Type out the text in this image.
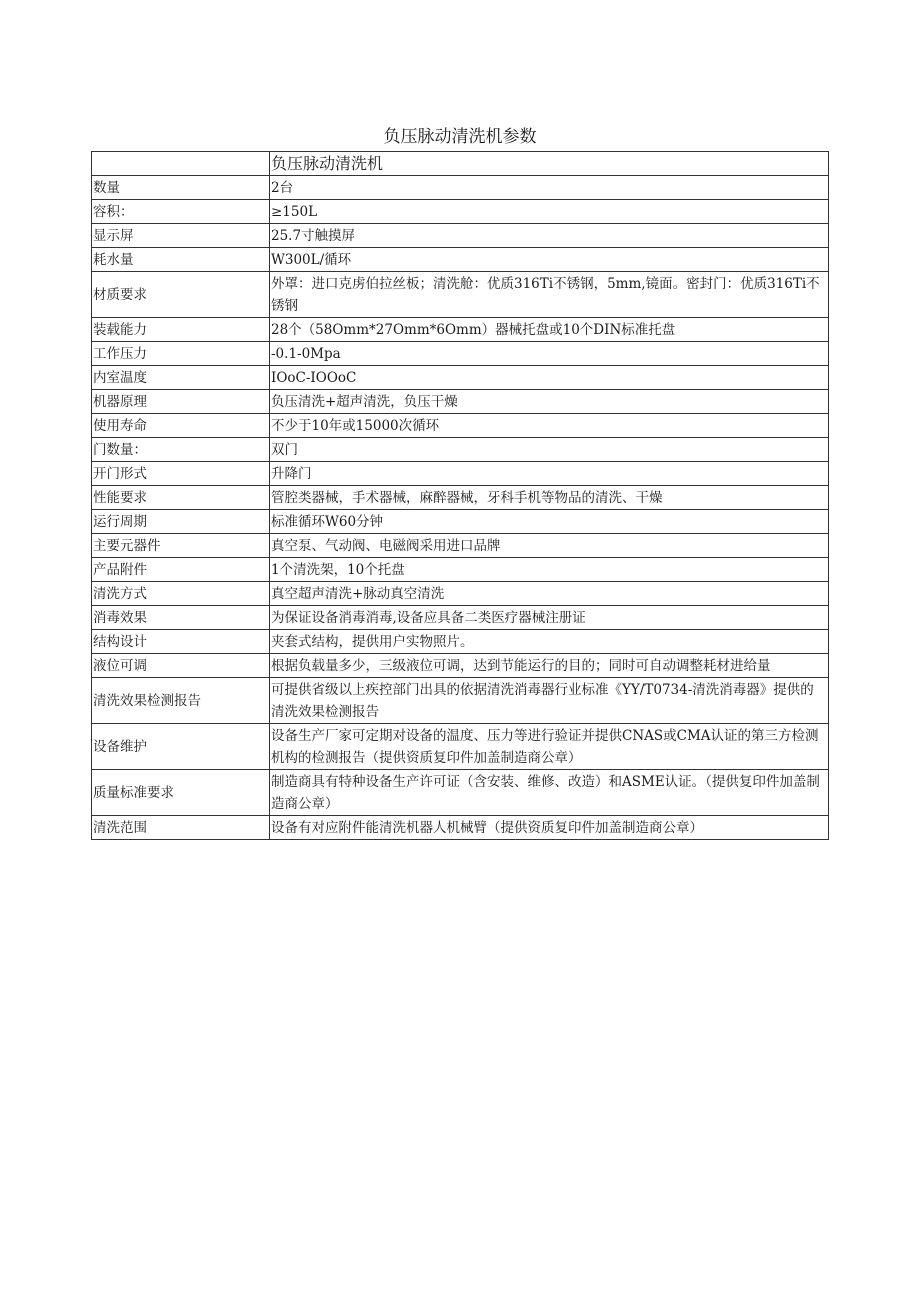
负压脉动清洗机参数
	负压脉动清洗机
数量	2台
容积：	≥150L
显示屏	25.7寸触摸屏
耗水量	W300L/循环
材质要求	外罩：进口克虏伯拉丝板；清洗舱：优质316Ti不锈钢，5mm,镜面。密封门：优质316Ti不锈钢
装载能力	28个（58Omm*27Omm*6Omm）器械托盘或10个DIN标准托盘
工作压力	-0.1-0Mpa
内室温度	IOoC-IOOoC
机器原理	负压清洗+超声清洗，负压干燥
使用寿命	不少于10年或15000次循环
门数量：	双门
开门形式	升降门
性能要求	管腔类器械，手术器械，麻醉器械，牙科手机等物品的清洗、干燥
运行周期	标准循环W60分钟
主要元器件	真空泵、气动阀、电磁阀采用进口品牌
产品附件	1个清洗架，10个托盘
清洗方式	真空超声清洗+脉动真空清洗
消毒效果	为保证设备消毒消毒,设备应具备二类医疗器械注册证
结构设计	夹套式结构，提供用户实物照片。
液位可调	根据负载量多少，三级液位可调，达到节能运行的目的；同时可自动调整耗材进给量
清洗效果检测报告	可提供省级以上疾控部门出具的依据清洗消毒器行业标准《YY/T0734-清洗消毒器》提供的清洗效果检测报告
设备维护	设备生产厂家可定期对设备的温度、压力等进行验证并提供CNAS或CMA认证的第三方检测机构的检测报告（提供资质复印件加盖制造商公章）
质量标准要求	制造商具有特种设备生产许可证（含安装、维修、改造）和ASME认证。（提供复印件加盖制造商公章）
清洗范围	设备有对应附件能清洗机器人机械臂（提供资质复印件加盖制造商公章）
